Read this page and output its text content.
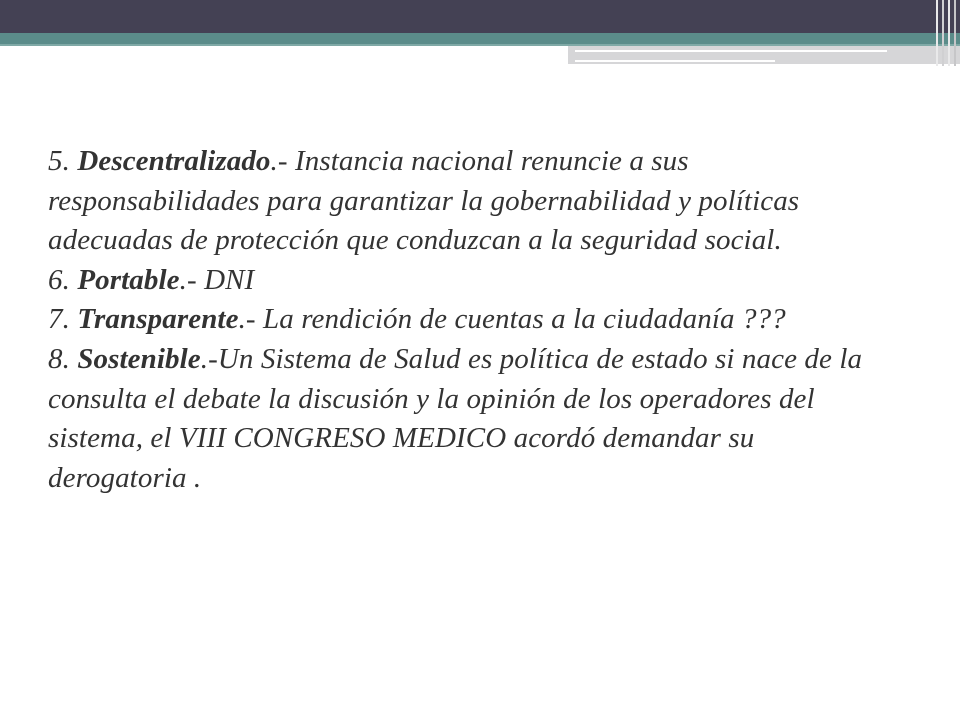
5. Descentralizado.- Instancia nacional renuncie a sus responsabilidades para garantizar la gobernabilidad y políticas adecuadas de protección que conduzcan a la seguridad social.

6. Portable.- DNI

7. Transparente.- La rendición de cuentas a la ciudadanía ???

8. Sostenible.-Un Sistema de Salud es política de estado si nace de la consulta el debate la discusión y la opinión de los operadores del sistema, el VIII CONGRESO MEDICO acordó demandar su derogatoria .
